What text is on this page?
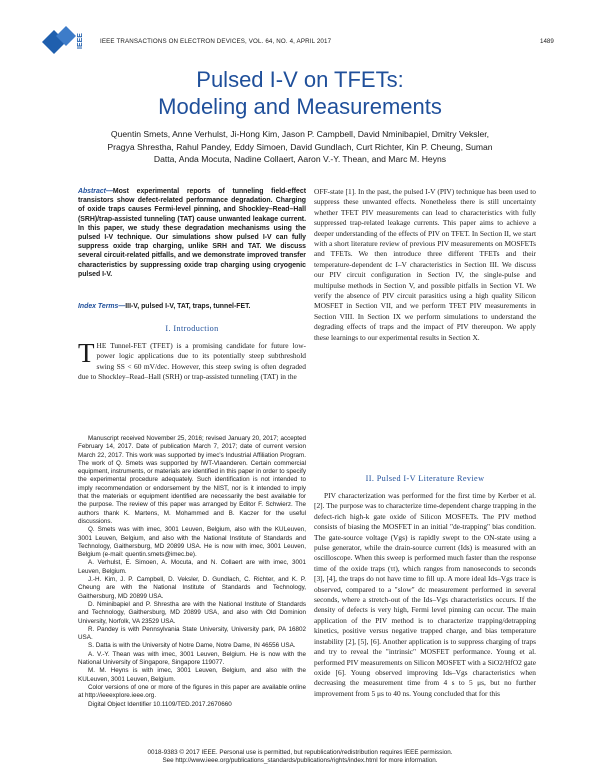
IEEE	IEEE TRANSACTIONS ON ELECTRON DEVICES, VOL. 64, NO. 4, APRIL 2017	1489
Pulsed I-V on TFETs:
Modeling and Measurements
Quentin Smets, Anne Verhulst, Ji-Hong Kim, Jason P. Campbell, David Nminibapiel, Dmitry Veksler, Pragya Shrestha, Rahul Pandey, Eddy Simoen, David Gundlach, Curt Richter, Kin P. Cheung, Suman Datta, Anda Mocuta, Nadine Collaert, Aaron V.-Y. Thean, and Marc M. Heyns
Abstract—Most experimental reports of tunneling field-effect transistors show defect-related performance degradation. Charging of oxide traps causes Fermi-level pinning, and Shockley–Read–Hall (SRH)/trap-assisted tunneling (TAT) cause unwanted leakage current. In this paper, we study these degradation mechanisms using the pulsed I-V technique. Our simulations show pulsed I-V can fully suppress oxide trap charging, unlike SRH and TAT. We discuss several circuit-related pitfalls, and we demonstrate improved transfer characteristics by suppressing oxide trap charging using cryogenic pulsed I-V.
Index Terms—III-V, pulsed I-V, TAT, traps, tunnel-FET.
I. Introduction
THE Tunnel-FET (TFET) is a promising candidate for future low-power logic applications due to its potentially steep subthreshold swing SS < 60 mV/dec. However, this steep swing is often degraded due to Shockley–Read–Hall (SRH) or trap-assisted tunneling (TAT) in the

Manuscript received November 25, 2016; revised January 20, 2017; accepted February 14, 2017. Date of publication March 7, 2017; date of current version March 22, 2017. This work was supported by imec's Industrial Affiliation Program. The work of Q. Smets was supported by IWT-Vlaanderen. Certain commercial equipment, instruments, or materials are identified in this paper in order to specify the experimental procedure adequately. Such identification is not intended to imply recommendation or endorsement by the NIST, nor is it intended to imply that the materials or equipment identified are necessarily the best available for the purpose. The review of this paper was arranged by Editor F. Schwierz. The authors thank K. Martens, M. Mohammed and B. Kaczer for the useful discussions.

Q. Smets was with imec, 3001 Leuven, Belgium, also with the KULeuven, 3001 Leuven, Belgium, and also with the National Institute of Standards and Technology, Gaithersburg, MD 20899 USA. He is now with imec, 3001 Leuven, Belgium (e-mail: quentin.smets@imec.be).

A. Verhulst, E. Simoen, A. Mocuta, and N. Collaert are with imec, 3001 Leuven, Belgium.

J.-H. Kim, J. P. Campbell, D. Veksler, D. Gundlach, C. Richter, and K. P. Cheung are with the National Institute of Standards and Technology, Gaithersburg, MD 20899 USA.

D. Nminibapiel and P. Shrestha are with the National Institute of Standards and Technology, Gaithersburg, MD 20899 USA, and also with Old Dominion University, Norfolk, VA 23529 USA.

R. Pandey is with Pennsylvania State University, University park, PA 16802 USA.

S. Datta is with the University of Notre Dame, Notre Dame, IN 46556 USA.

A. V.-Y. Thean was with imec, 3001 Leuven, Belgium. He is now with the National University of Singapore, Singapore 119077.

M. M. Heyns is with imec, 3001 Leuven, Belgium, and also with the KULeuven, 3001 Leuven, Belgium.

Color versions of one or more of the figures in this paper are available online at http://ieeexplore.ieee.org.

Digital Object Identifier 10.1109/TED.2017.2670660

OFF-state [1]. In the past, the pulsed I-V (PIV) technique has been used to suppress these unwanted effects. Nonetheless there is still uncertainty whether TFET PIV measurements can lead to characteristics with fully suppressed trap-related leakage currents. This paper aims to achieve a deeper understanding of the effects of PIV on TFET. In Section II, we start with a short literature review of previous PIV measurements on MOSFETs and TFETs. We then introduce three different TFETs and their temperature-dependent dc I–V characteristics in Section III. We discuss our PIV circuit configuration in Section IV, the single-pulse and multipulse methods in Section V, and possible pitfalls in Section VI. We verify the absence of PIV circuit parasitics using a high quality Silicon MOSFET in Section VII, and we perform TFET PIV measurements in Section VIII. In Section IX we perform simulations to understand the degrading effects of traps and the impact of PIV thereupon. We apply these learnings to our experimental results in Section X.

II. Pulsed I-V Literature Review

PIV characterization was performed for the first time by Kerber et al. [2]. The purpose was to characterize time-dependent charge trapping in the defect-rich high-k gate oxide of Silicon MOSFETs. The PIV method consists of biasing the MOSFET in an initial "de-trapping" bias condition. The gate-source voltage (Vgs) is rapidly swept to the ON-state using a pulse generator, while the drain-source current (Ids) is measured with an oscilloscope. When this sweep is performed much faster than the response time of the oxide traps (τt), which ranges from nanoseconds to seconds [3], [4], the traps do not have time to fill up. A more ideal Ids–Vgs trace is observed, compared to a "slow" dc measurement performed in several seconds, where a stretch-out of the Ids–Vgs characteristics occurs. If the density of defects is very high, Fermi level pinning can occur. The main application of the PIV method is to characterize trapping/detrapping kinetics, positive versus negative trapped charge, and bias temperature instability [2], [5], [6]. Another application is to suppress charging of traps and try to reveal the "intrinsic" MOSFET performance. Young et al. performed PIV measurements on Silicon MOSFET with a SiO2/HfO2 gate oxide [6]. Young observed improving Ids–Vgs characteristics when decreasing the measurement time from 4 s to 5 μs, but no further improvement from 5 μs to 40 ns. Young concluded that for this

0018-9383 © 2017 IEEE. Personal use is permitted, but republication/redistribution requires IEEE permission.
See http://www.ieee.org/publications_standards/publications/rights/index.html for more information.
